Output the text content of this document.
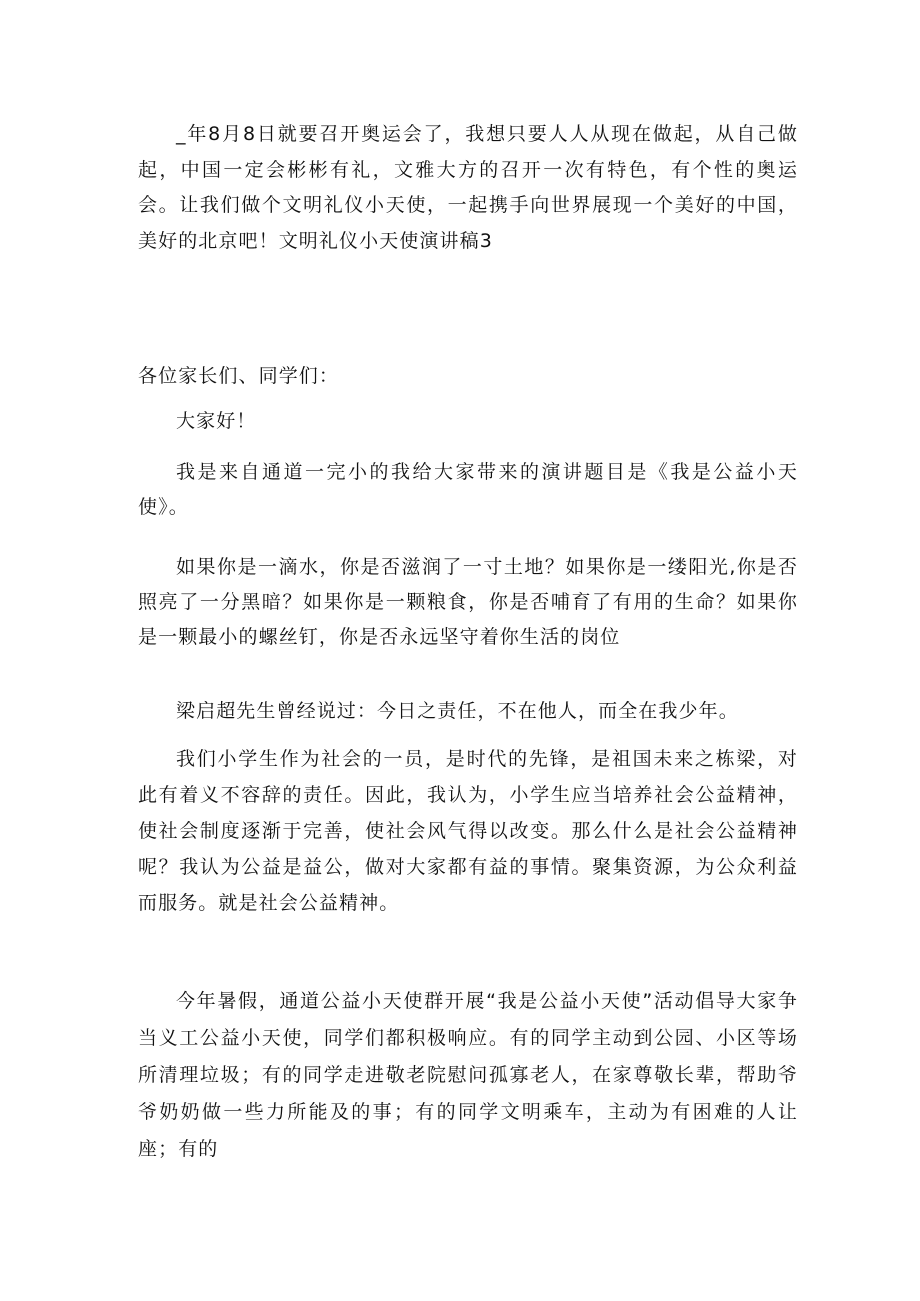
_年8月8日就要召开奥运会了，我想只要人人从现在做起，从自己做起，中国一定会彬彬有礼，文雅大方的召开一次有特色，有个性的奥运会。让我们做个文明礼仪小天使，一起携手向世界展现一个美好的中国，美好的北京吧！文明礼仪小天使演讲稿3

各位家长们、同学们：

大家好！

我是来自通道一完小的我给大家带来的演讲题目是《我是公益小天使》。

如果你是一滴水，你是否滋润了一寸土地？如果你是一缕阳光,你是否照亮了一分黑暗？如果你是一颗粮食，你是否哺育了有用的生命？如果你是一颗最小的螺丝钉，你是否永远坚守着你生活的岗位

梁启超先生曾经说过：今日之责任，不在他人，而全在我少年。

我们小学生作为社会的一员，是时代的先锋，是祖国未来之栋梁，对此有着义不容辞的责任。因此，我认为，小学生应当培养社会公益精神，使社会制度逐渐于完善，使社会风气得以改变。那么什么是社会公益精神呢？我认为公益是益公，做对大家都有益的事情。聚集资源，为公众利益而服务。就是社会公益精神。

今年暑假，通道公益小天使群开展“我是公益小天使”活动倡导大家争当义工公益小天使，同学们都积极响应。有的同学主动到公园、小区等场所清理垃圾；有的同学走进敬老院慰问孤寡老人，在家尊敬长辈，帮助爷爷奶奶做一些力所能及的事；有的同学文明乘车，主动为有困难的人让座；有的
